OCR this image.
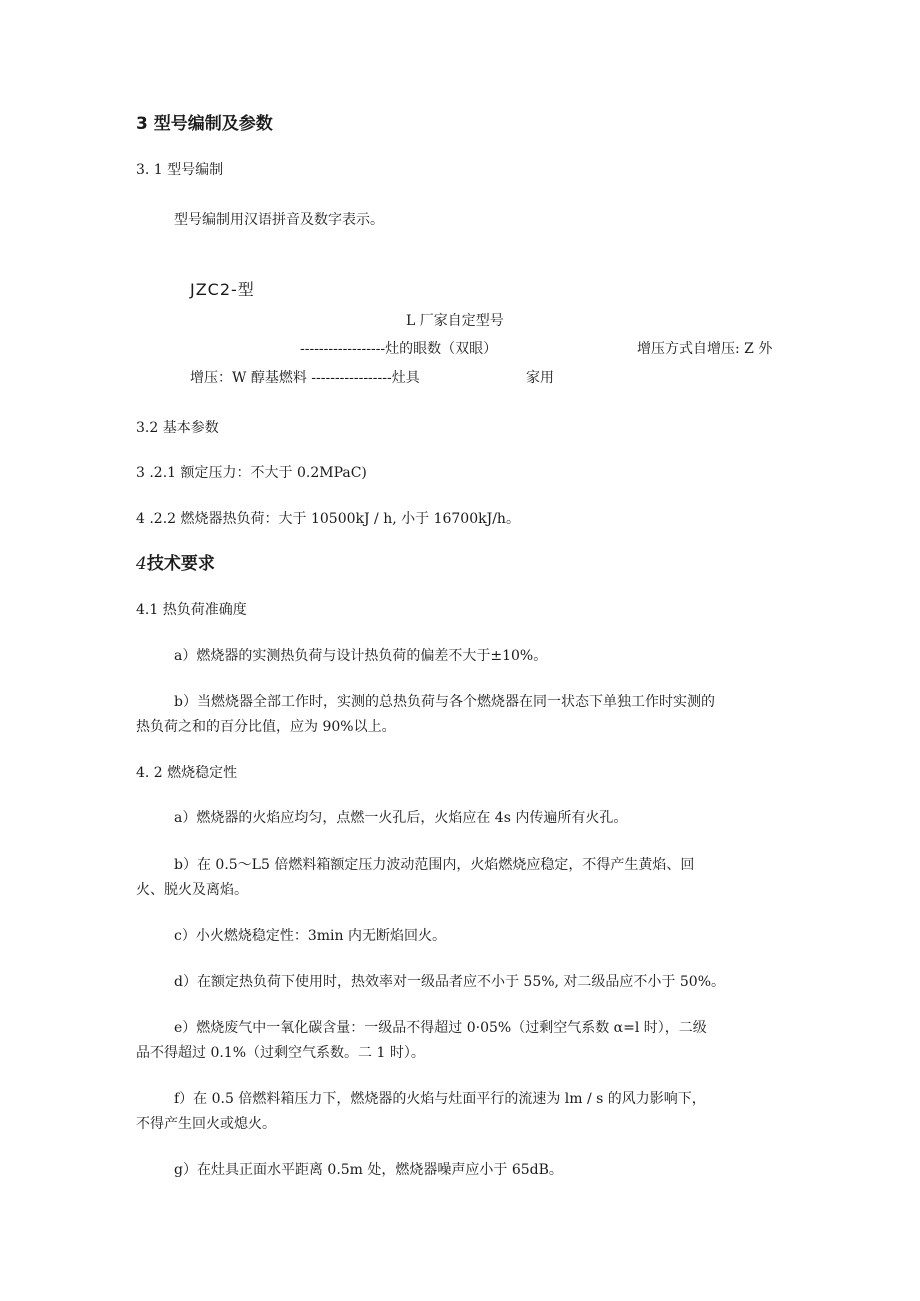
3 型号编制及参数
3. 1 型号编制
型号编制用汉语拼音及数字表示。
JZC2-型
L 厂家自定型号
------------------灶的眼数（双眼）	增压方式自增压: Z 外
增压：W 醇基燃料 -----------------灶具	家用
3.2 基本参数
3 .2.1 额定压力：不大于 0.2MPaC)
4 .2.2 燃烧器热负荷：大于 10500kJ / h, 小于 16700kJ/h。
4技术要求
4.1 热负荷准确度
a）燃烧器的实测热负荷与设计热负荷的偏差不大于±10%。
b）当燃烧器全部工作时，实测的总热负荷与各个燃烧器在同一状态下单独工作时实测的
热负荷之和的百分比值，应为 90%以上。
4. 2 燃烧稳定性
a）燃烧器的火焰应均匀，点燃一火孔后，火焰应在 4s 内传遍所有火孔。
b）在 0.5～L5 倍燃料箱额定压力波动范围内，火焰燃烧应稳定，不得产生黄焰、回
火、脱火及离焰。
c）小火燃烧稳定性：3min 内无断焰回火。
d）在额定热负荷下使用时，热效率对一级品者应不小于 55%, 对二级品应不小于 50%。
e）燃烧废气中一氧化碳含量：一级品不得超过 0·05%（过剩空气系数 α=l 时），二级
品不得超过 0.1%（过剩空气系数。二 1 时）。
f）在 0.5 倍燃料箱压力下，燃烧器的火焰与灶面平行的流速为 lm / s 的风力影响下，
不得产生回火或熄火。
g）在灶具正面水平距离 0.5m 处，燃烧器噪声应小于 65dB。
